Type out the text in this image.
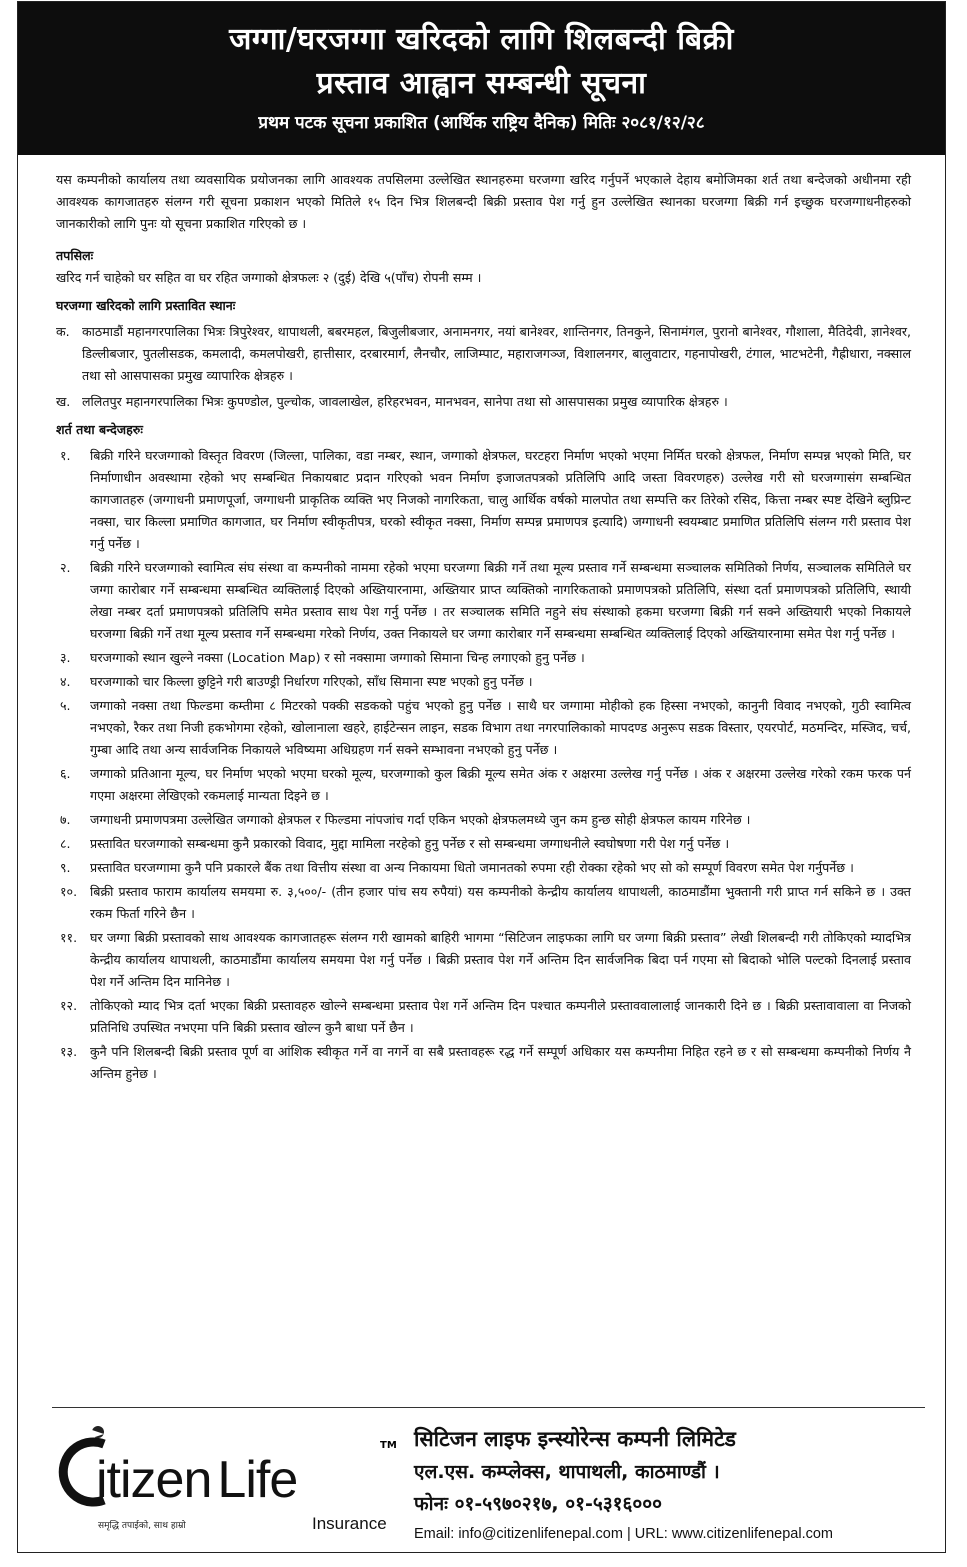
जग्गा/घरजग्गा खरिदको लागि शिलबन्दी बिक्री
प्रस्ताव आह्वान सम्बन्धी सूचना
प्रथम पटक सूचना प्रकाशित (आर्थिक राष्ट्रिय दैनिक) मितिः २०८१/१२/२८

यस कम्पनीको कार्यालय तथा व्यवसायिक प्रयोजनका लागि आवश्यक तपसिलमा उल्लेखित स्थानहरुमा घरजग्गा खरिद गर्नुपर्ने भएकाले देहाय बमोजिमका शर्त तथा बन्देजको अधीनमा रही आवश्यक कागजातहरु संलग्न गरी सूचना प्रकाशन भएको मितिले १५ दिन भित्र शिलबन्दी बिक्री प्रस्ताव पेश गर्नु हुन उल्लेखित स्थानका घरजग्गा बिक्री गर्न इच्छुक घरजग्गाधनीहरुको जानकारीको लागि पुनः यो सूचना प्रकाशित गरिएको छ ।

तपसिलः
खरिद गर्न चाहेको घर सहित वा घर रहित जग्गाको क्षेत्रफलः २ (दुई) देखि ५(पाँच) रोपनी सम्म ।
घरजग्गा खरिदको लागि प्रस्तावित स्थानः
क. काठमाडौं महानगरपालिका भित्रः त्रिपुरेश्वर, थापाथली, बबरमहल, बिजुलीबजार, अनामनगर, नयां बानेश्वर, शान्तिनगर, तिनकुने, सिनामंगल, पुरानो बानेश्वर, गौशाला, मैतिदेवी, ज्ञानेश्वर, डिल्लीबजार, पुतलीसडक, कमलादी, कमलपोखरी, हात्तीसार, दरबारमार्ग, लैनचौर, लाजिम्पाट, महाराजगञ्ज, विशालनगर, बालुवाटार, गहनापोखरी, टंगाल, भाटभटेनी, गैह्रीधारा, नक्साल तथा सो आसपासका प्रमुख व्यापारिक क्षेत्रहरु ।
ख. ललितपुर महानगरपालिका भित्रः कुपण्डोल, पुल्चोक, जावलाखेल, हरिहरभवन, मानभवन, सानेपा तथा सो आसपासका प्रमुख व्यापारिक क्षेत्रहरु ।
शर्त तथा बन्देजहरुः
१.	बिक्री गरिने घरजग्गाको विस्तृत विवरण (जिल्ला, पालिका, वडा नम्बर, स्थान, जग्गाको क्षेत्रफल, घरटहरा निर्माण भएको भएमा निर्मित घरको क्षेत्रफल, निर्माण सम्पन्न भएको मिति, घर निर्माणाधीन अवस्थामा रहेको भए सम्बन्धित निकायबाट प्रदान गरिएको भवन निर्माण इजाजतपत्रको प्रतिलिपि आदि जस्ता विवरणहरु) उल्लेख गरी सो घरजग्गासंग सम्बन्धित कागजातहरु (जग्गाधनी प्रमाणपूर्जा, जग्गाधनी प्राकृतिक व्यक्ति भए निजको नागरिकता, चालु आर्थिक वर्षको मालपोत तथा सम्पत्ति कर तिरेको रसिद, कित्ता नम्बर स्पष्ट देखिने ब्लुप्रिन्ट नक्सा, चार किल्ला प्रमाणित कागजात, घर निर्माण स्वीकृतीपत्र, घरको स्वीकृत नक्सा, निर्माण सम्पन्न प्रमाणपत्र इत्यादि) जग्गाधनी स्वयम्बाट प्रमाणित प्रतिलिपि संलग्न गरी प्रस्ताव पेश गर्नु पर्नेछ ।
२.	बिक्री गरिने घरजग्गाको स्वामित्व संघ संस्था वा कम्पनीको नाममा रहेको भएमा घरजग्गा बिक्री गर्ने तथा मूल्य प्रस्ताव गर्ने सम्बन्धमा सञ्चालक समितिको निर्णय, सञ्चालक समितिले घर जग्गा कारोबार गर्ने सम्बन्धमा सम्बन्धित व्यक्तिलाई दिएको अख्तियारनामा, अख्तियार प्राप्त व्यक्तिको नागरिकताको प्रमाणपत्रको प्रतिलिपि, संस्था दर्ता प्रमाणपत्रको प्रतिलिपि, स्थायी लेखा नम्बर दर्ता प्रमाणपत्रको प्रतिलिपि समेत प्रस्ताव साथ पेश गर्नु पर्नेछ । तर सञ्चालक समिति नहुने संघ संस्थाको हकमा घरजग्गा बिक्री गर्न सक्ने अख्तियारी भएको निकायले घरजग्गा बिक्री गर्ने तथा मूल्य प्रस्ताव गर्ने सम्बन्धमा गरेको निर्णय, उक्त निकायले घर जग्गा कारोबार गर्ने सम्बन्धमा सम्बन्धित व्यक्तिलाई दिएको अख्तियारनामा समेत पेश गर्नु पर्नेछ ।
३.	घरजग्गाको स्थान खुल्ने नक्सा (Location Map) र सो नक्सामा जग्गाको सिमाना चिन्ह लगाएको हुनु पर्नेछ ।
४.	घरजग्गाको चार किल्ला छुट्टिने गरी बाउण्ड्री निर्धारण गरिएको, साँध सिमाना स्पष्ट भएको हुनु पर्नेछ ।
५.	जग्गाको नक्सा तथा फिल्डमा कम्तीमा ८ मिटरको पक्की सडकको पहुंच भएको हुनु पर्नेछ । साथै घर जग्गामा मोहीको हक हिस्सा नभएको, कानुनी विवाद नभएको, गुठी स्वामित्व नभएको, रैकर तथा निजी हकभोगमा रहेको, खोलानाला खहरे, हाईटेन्सन लाइन, सडक विभाग तथा नगरपालिकाको मापदण्ड अनुरूप सडक विस्तार, एयरपोर्ट, मठमन्दिर, मस्जिद, चर्च, गुम्बा आदि तथा अन्य सार्वजनिक निकायले भविष्यमा अधिग्रहण गर्न सक्ने सम्भावना नभएको हुनु पर्नेछ ।
६.	जग्गाको प्रतिआना मूल्य, घर निर्माण भएको भएमा घरको मूल्य, घरजग्गाको कुल बिक्री मूल्य समेत अंक र अक्षरमा उल्लेख गर्नु पर्नेछ । अंक र अक्षरमा उल्लेख गरेको रकम फरक पर्न गएमा अक्षरमा लेखिएको रकमलाई मान्यता दिइने छ ।
७.	जग्गाधनी प्रमाणपत्रमा उल्लेखित जग्गाको क्षेत्रफल र फिल्डमा नांपजांच गर्दा एकिन भएको क्षेत्रफलमध्ये जुन कम हुन्छ सोही क्षेत्रफल कायम गरिनेछ ।
८.	प्रस्तावित घरजग्गाको सम्बन्धमा कुनै प्रकारको विवाद, मुद्दा मामिला नरहेको हुनु पर्नेछ र सो सम्बन्धमा जग्गाधनीले स्वघोषणा गरी पेश गर्नु पर्नेछ ।
९.	प्रस्तावित घरजग्गामा कुनै पनि प्रकारले बैंक तथा वित्तीय संस्था वा अन्य निकायमा धितो जमानतको रुपमा रही रोक्का रहेको भए सो को सम्पूर्ण विवरण समेत पेश गर्नुपर्नेछ ।
१०.	बिक्री प्रस्ताव फाराम कार्यालय समयमा रु. ३,५००/- (तीन हजार पांच सय रुपैयां) यस कम्पनीको केन्द्रीय कार्यालय थापाथली, काठमाडौंमा भुक्तानी गरी प्राप्त गर्न सकिने छ । उक्त रकम फिर्ता गरिने छैन ।
११.	घर जग्गा बिक्री प्रस्तावको साथ आवश्यक कागजातहरू संलग्न गरी खामको बाहिरी भागमा “सिटिजन लाइफका लागि घर जग्गा बिक्री प्रस्ताव” लेखी शिलबन्दी गरी तोकिएको म्यादभित्र केन्द्रीय कार्यालय थापाथली, काठमाडौंमा कार्यालय समयमा पेश गर्नु पर्नेछ । बिक्री प्रस्ताव पेश गर्ने अन्तिम दिन सार्वजनिक बिदा पर्न गएमा सो बिदाको भोलि पल्टको दिनलाई प्रस्ताव पेश गर्ने अन्तिम दिन मानिनेछ ।
१२.	तोकिएको म्याद भित्र दर्ता भएका बिक्री प्रस्तावहरु खोल्ने सम्बन्धमा प्रस्ताव पेश गर्ने अन्तिम दिन पश्चात कम्पनीले प्रस्ताववालालाई जानकारी दिने छ । बिक्री प्रस्तावावाला वा निजको प्रतिनिधि उपस्थित नभएमा पनि बिक्री प्रस्ताव खोल्न कुनै बाधा पर्ने छैन ।
१३.	कुनै पनि शिलबन्दी बिक्री प्रस्ताव पूर्ण वा आंशिक स्वीकृत गर्ने वा नगर्ने वा सबै प्रस्तावहरू रद्ध गर्ने सम्पूर्ण अधिकार यस कम्पनीमा निहित रहने छ र सो सम्बन्धमा कम्पनीको निर्णय नै अन्तिम हुनेछ ।
itizen Life
TM
Insurance
समृद्धि तपाईको, साथ हाम्रो
सिटिजन लाइफ इन्स्योरेन्स कम्पनी लिमिटेड
एल.एस. कम्प्लेक्स, थापाथली, काठमाण्डौं ।
फोनः ०१-५९७०२१७, ०१-५३१६०००
Email: info@citizenlifenepal.com | URL: www.citizenlifenepal.com
